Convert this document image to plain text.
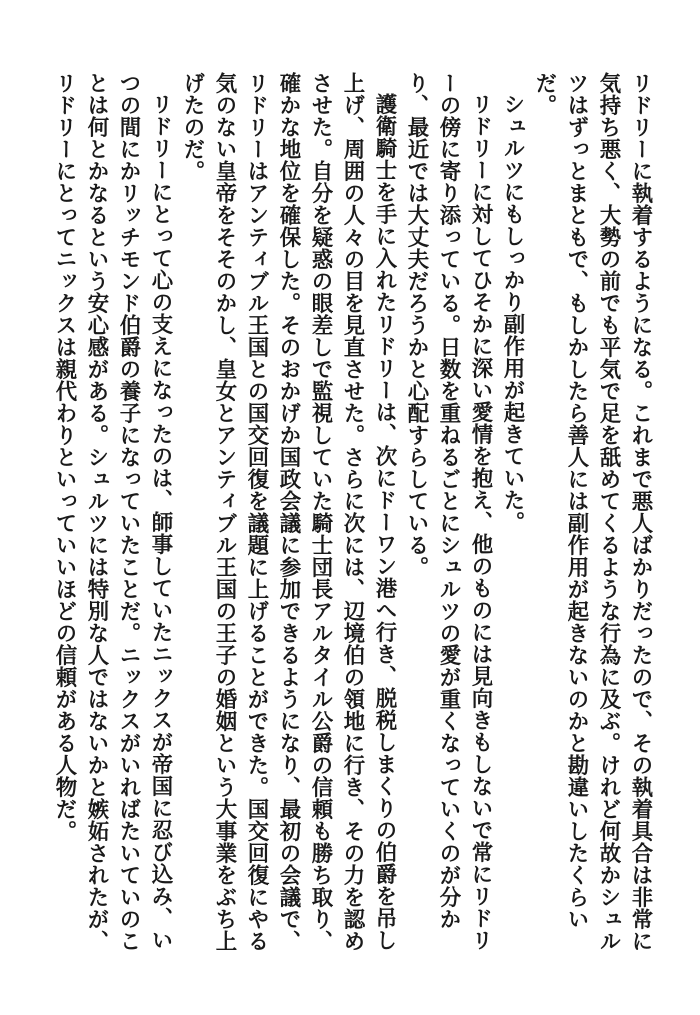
リドリーに執着するようになる。これまで悪人ばかりだったので、その執着具合は非常に気持ち悪く、大勢の前でも平気で足を舐めてくるような行為に及ぶ。けれど何故かシュルツはずっとまともで、もしかしたら善人には副作用が起きないのかと勘違いしたくらいだ。

シュルツにもしっかり副作用が起きていた。

リドリーに対してひそかに深い愛情を抱え、他のものには見向きもしないで常にリドリーの傍に寄り添っている。日数を重ねるごとにシュルツの愛が重くなっていくのが分かり、最近では大丈夫だろうかと心配すらしている。

護衛騎士を手に入れたリドリーは、次にドーワン港へ行き、脱税しまくりの伯爵を吊し上げ、周囲の人々の目を見直させた。さらに次には、辺境伯の領地に行き、その力を認めさせた。自分を疑惑の眼差しで監視していた騎士団長アルタイル公爵の信頼も勝ち取り、確かな地位を確保した。そのおかげか国政会議に参加できるようになり、最初の会議で、リドリーはアンティブル王国との国交回復を議題に上げることができた。国交回復にやる気のない皇帝をそそのかし、皇女とアンティブル王国の王子の婚姻という大事業をぶち上げたのだ。

リドリーにとって心の支えになったのは、師事していたニックスが帝国に忍び込み、いつの間にかリッチモンド伯爵の養子になっていたことだ。ニックスがいればたいていのことは何とかなるという安心感がある。シュルツには特別な人ではないかと嫉妬されたが、リドリーにとってニックスは親代わりといっていいほどの信頼がある人物だ。
